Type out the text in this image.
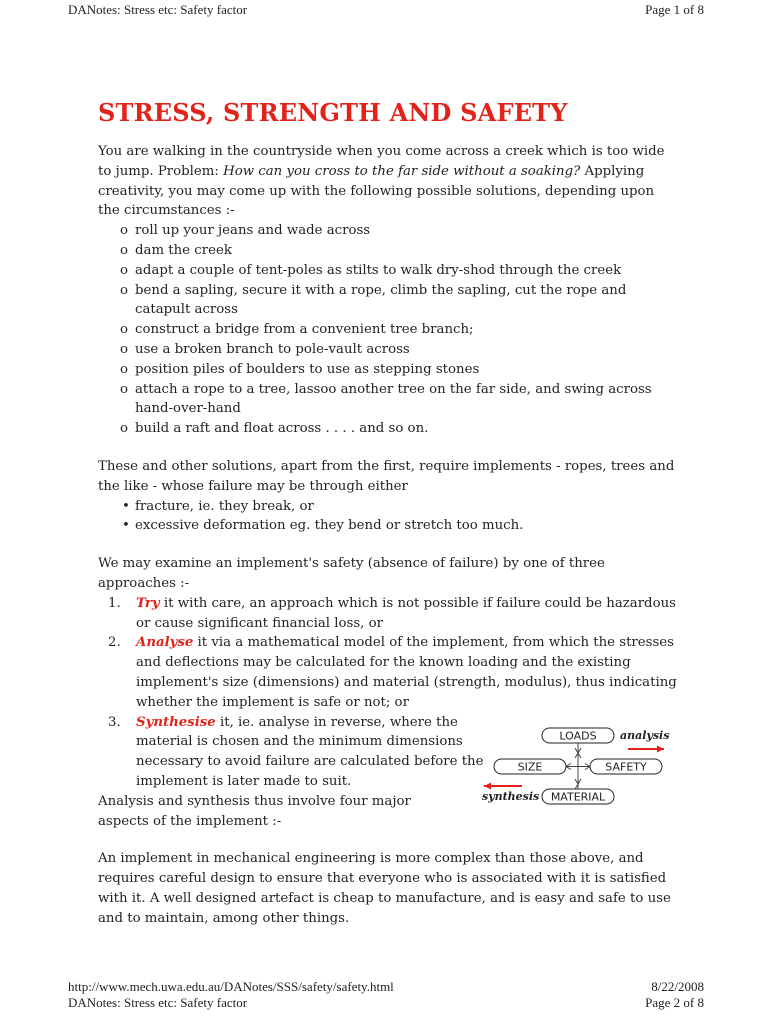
DANotes: Stress etc: Safety factor	Page 1 of 8
STRESS, STRENGTH AND SAFETY

You are walking in the countryside when you come across a creek which is too wide to jump. Problem: How can you cross to the far side without a soaking? Applying creativity, you may come up with the following possible solutions, depending upon the circumstances :-

o roll up your jeans and wade across
o dam the creek
o adapt a couple of tent-poles as stilts to walk dry-shod through the creek
o bend a sapling, secure it with a rope, climb the sapling, cut the rope and catapult across
o construct a bridge from a convenient tree branch;
o use a broken branch to pole-vault across
o position piles of boulders to use as stepping stones
o attach a rope to a tree, lassoo another tree on the far side, and swing across hand-over-hand
o build a raft and float across . . . . and so on.

These and other solutions, apart from the first, require implements - ropes, trees and the like - whose failure may be through either

• fracture, ie. they break, or
• excessive deformation eg. they bend or stretch too much.

We may examine an implement's safety (absence of failure) by one of three approaches :-

1. Try it with care, an approach which is not possible if failure could be hazardous or cause significant financial loss, or
2. Analyse it via a mathematical model of the implement, from which the stresses and deflections may be calculated for the known loading and the existing implement's size (dimensions) and material (strength, modulus), thus indicating whether the implement is safe or not; or
3. Synthesise it, ie. analyse in reverse, where the material is chosen and the minimum dimensions necessary to avoid failure are calculated before the implement is later made to suit.

Analysis and synthesis thus involve four major aspects of the implement :-

An implement in mechanical engineering is more complex than those above, and requires careful design to ensure that everyone who is associated with it is satisfied with it. A well designed artefact is cheap to manufacture, and is easy and safe to use and to maintain, among other things.

LOADS
SIZE	SAFETY
MATERIAL
analysis
synthesis
http://www.mech.uwa.edu.au/DANotes/SSS/safety/safety.html	8/22/2008
DANotes: Stress etc: Safety factor	Page 2 of 8
